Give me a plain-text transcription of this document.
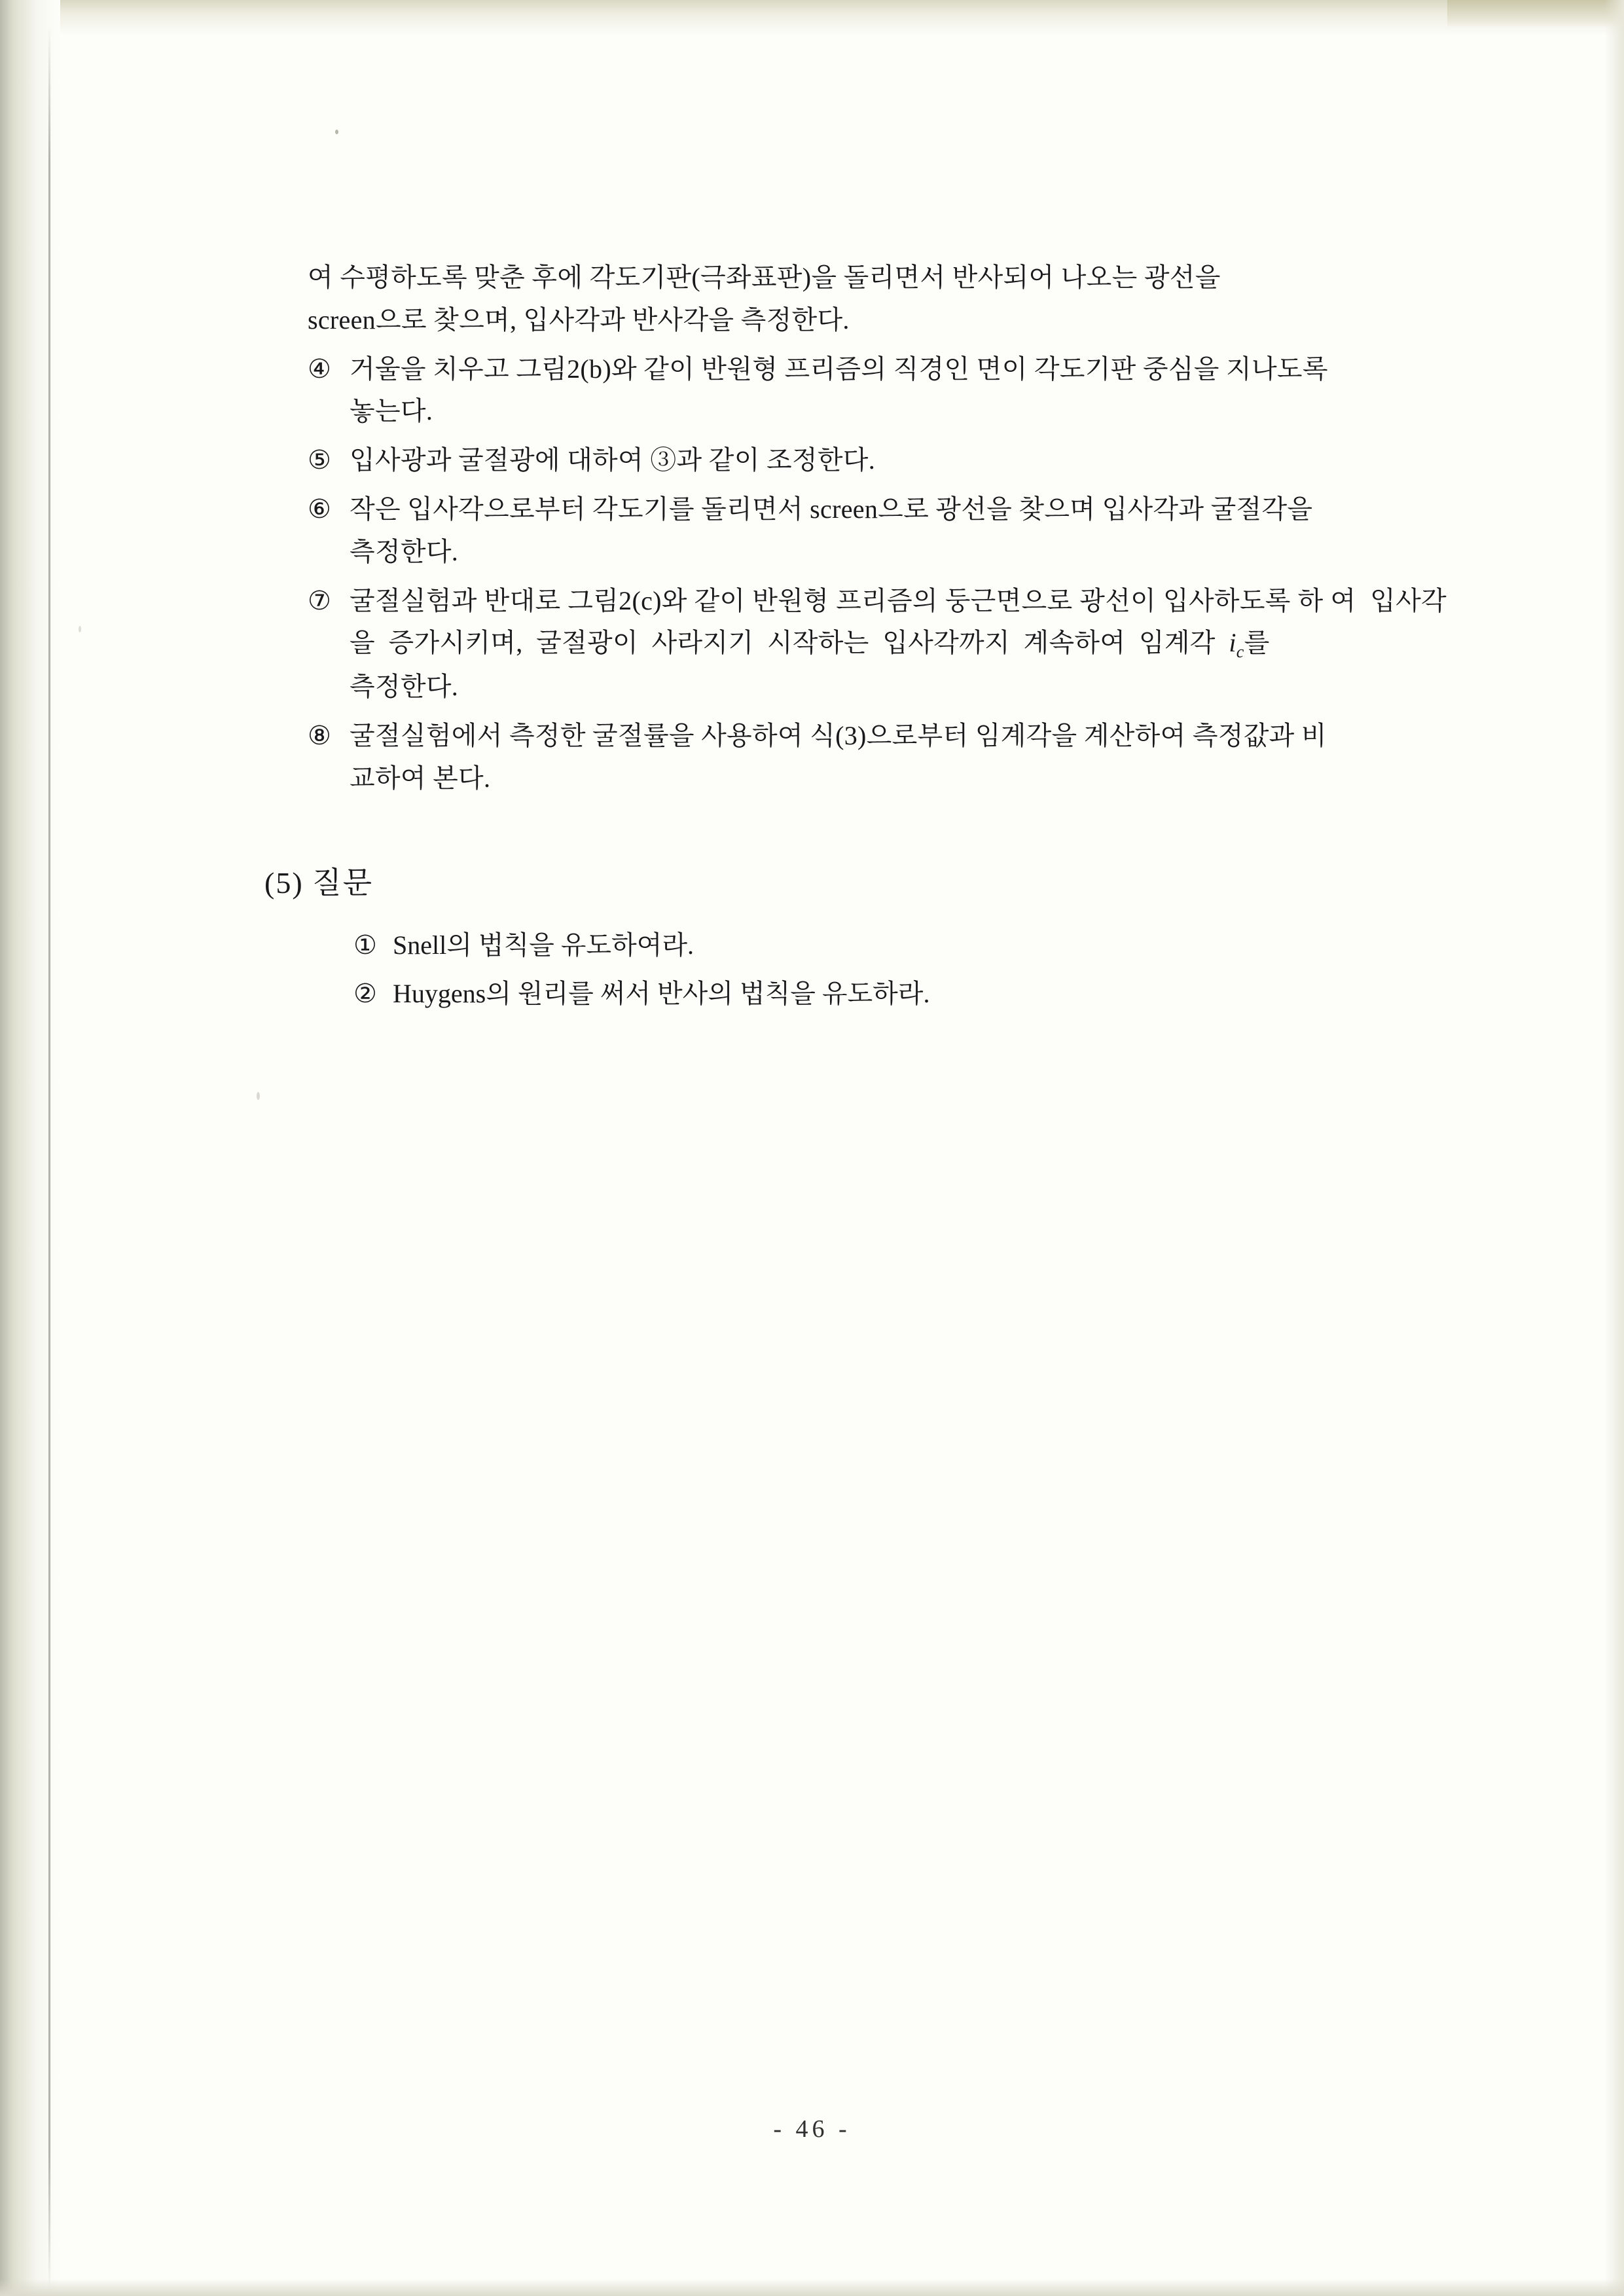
여 수평하도록 맞춘 후에 각도기판(극좌표판)을 돌리면서 반사되어 나오는 광선을
screen으로 찾으며, 입사각과 반사각을 측정한다.
④ 거울을 치우고 그림2(b)와 같이 반원형 프리즘의 직경인 면이 각도기판 중심을 지나도록
놓는다.
⑤ 입사광과 굴절광에 대하여 ③과 같이 조정한다.
⑥ 작은 입사각으로부터 각도기를 돌리면서 screen으로 광선을 찾으며 입사각과 굴절각을
측정한다.
⑦ 굴절실험과 반대로 그림2(c)와 같이 반원형 프리즘의 둥근면으로 광선이 입사하도록 하 여  입사각을  증가시키며,  굴절광이  사라지기  시작하는  입사각까지  계속하여  임계각  $i_c$를
측정한다.
⑧ 굴절실험에서 측정한 굴절률을 사용하여 식(3)으로부터 임계각을 계산하여 측정값과 비
교하여 본다.
(5) 질문
① Snell의 법칙을 유도하여라.
② Huygens의 원리를 써서 반사의 법칙을 유도하라.
- 46 -
